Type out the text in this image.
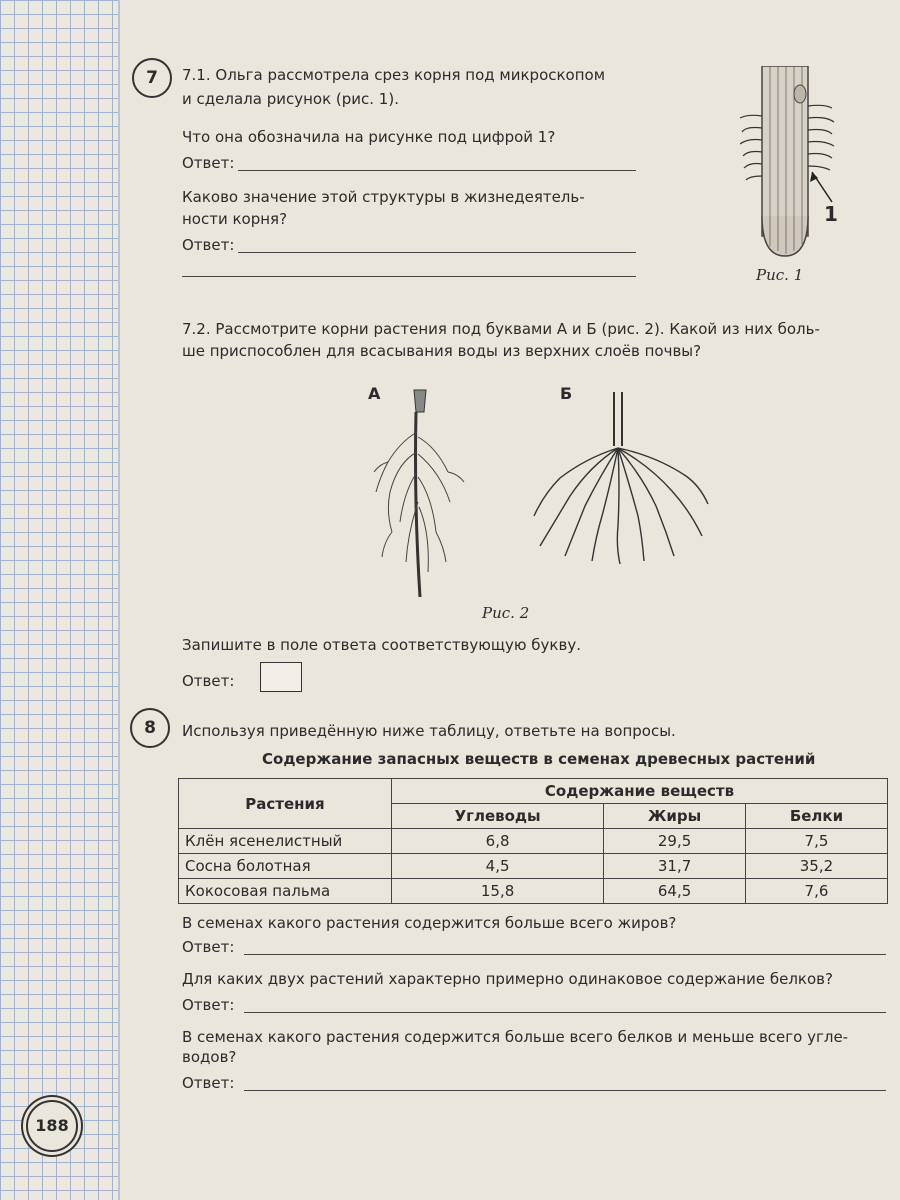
7	7.1. Ольга рассмотрела срез корня под микроскопом
и сделала рисунок (рис. 1).
Что она обозначила на рисунке под цифрой 1?
Ответ:
Каково значение этой структуры в жизнедеятель-
ности корня?
Ответ:
1
Рис. 1
7.2. Рассмотрите корни растения под буквами А и Б (рис. 2). Какой из них боль-
ше приспособлен для всасывания воды из верхних слоёв почвы?
А	Б
Рис. 2
Запишите в поле ответа соответствующую букву.
Ответ:
8	Используя приведённую ниже таблицу, ответьте на вопросы.
Содержание запасных веществ в семенах древесных растений
Растения	Содержание веществ		
	Углеводы	Жиры	Белки
Клён ясенелистный	6,8	29,5	7,5
Сосна болотная	4,5	31,7	35,2
Кокосовая пальма	15,8	64,5	7,6
В семенах какого растения содержится больше всего жиров?
Ответ:
Для каких двух растений характерно примерно одинаковое содержание белков?
Ответ:
В семенах какого растения содержится больше всего белков и меньше всего угле-
водов?
Ответ:
188
